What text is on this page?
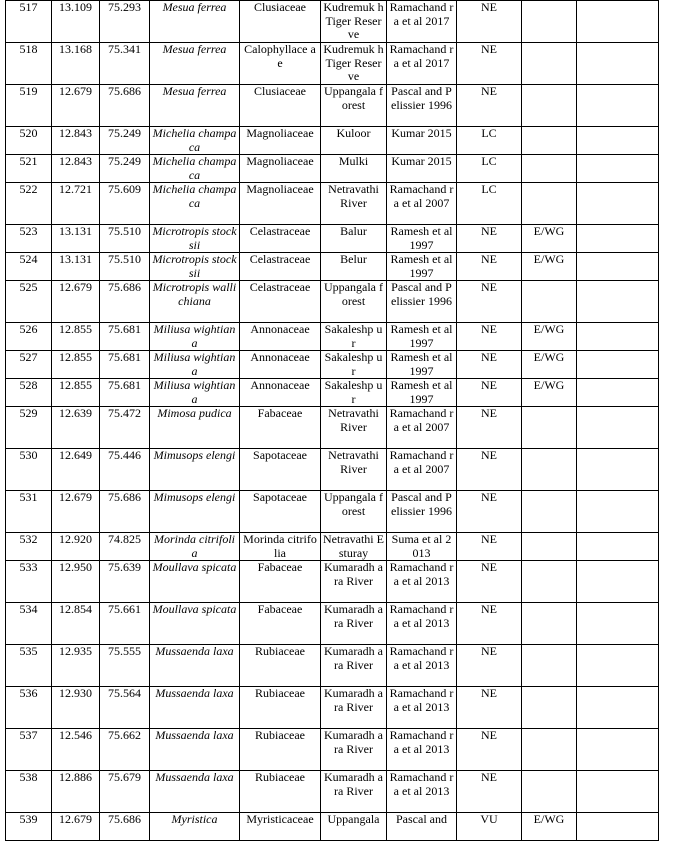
517	13.109	75.293	Mesua ferrea	Clusiaceae	Kudremuk h Tiger Reserve	Ramachand ra et al 2017	NE		
518	13.168	75.341	Mesua ferrea	Calophyllace ae	Kudremuk h Tiger Reserve	Ramachand ra et al 2017	NE		
519	12.679	75.686	Mesua ferrea	Clusiaceae	Uppangala forest	Pascal and Pelissier 1996	NE		
520	12.843	75.249	Michelia champaca	Magnoliaceae	Kuloor	Kumar 2015	LC		
521	12.843	75.249	Michelia champaca	Magnoliaceae	Mulki	Kumar 2015	LC		
522	12.721	75.609	Michelia champaca	Magnoliaceae	Netravathi River	Ramachand ra et al 2007	LC		
523	13.131	75.510	Microtropis stocksii	Celastraceae	Balur	Ramesh et al 1997	NE	E/WG	
524	13.131	75.510	Microtropis stocksii	Celastraceae	Belur	Ramesh et al 1997	NE	E/WG	
525	12.679	75.686	Microtropis wallichiana	Celastraceae	Uppangala forest	Pascal and Pelissier 1996	NE		
526	12.855	75.681	Miliusa wightiana	Annonaceae	Sakaleshp ur	Ramesh et al 1997	NE	E/WG	
527	12.855	75.681	Miliusa wightiana	Annonaceae	Sakaleshp ur	Ramesh et al 1997	NE	E/WG	
528	12.855	75.681	Miliusa wightiana	Annonaceae	Sakaleshp ur	Ramesh et al 1997	NE	E/WG	
529	12.639	75.472	Mimosa pudica	Fabaceae	Netravathi River	Ramachand ra et al 2007	NE		
530	12.649	75.446	Mimusops elengi	Sapotaceae	Netravathi River	Ramachand ra et al 2007	NE		
531	12.679	75.686	Mimusops elengi	Sapotaceae	Uppangala forest	Pascal and Pelissier 1996	NE		
532	12.920	74.825	Morinda citrifolia	Morinda citrifolia	Netravathi Esturay	Suma et al 2013	NE		
533	12.950	75.639	Moullava spicata	Fabaceae	Kumaradh ara River	Ramachand ra et al 2013	NE		
534	12.854	75.661	Moullava spicata	Fabaceae	Kumaradh ara River	Ramachand ra et al 2013	NE		
535	12.935	75.555	Mussaenda laxa	Rubiaceae	Kumaradh ara River	Ramachand ra et al 2013	NE		
536	12.930	75.564	Mussaenda laxa	Rubiaceae	Kumaradh ara River	Ramachand ra et al 2013	NE		
537	12.546	75.662	Mussaenda laxa	Rubiaceae	Kumaradh ara River	Ramachand ra et al 2013	NE		
538	12.886	75.679	Mussaenda laxa	Rubiaceae	Kumaradh ara River	Ramachand ra et al 2013	NE		
539	12.679	75.686	Myristica	Myristicaceae	Uppangala	Pascal and	VU	E/WG	
